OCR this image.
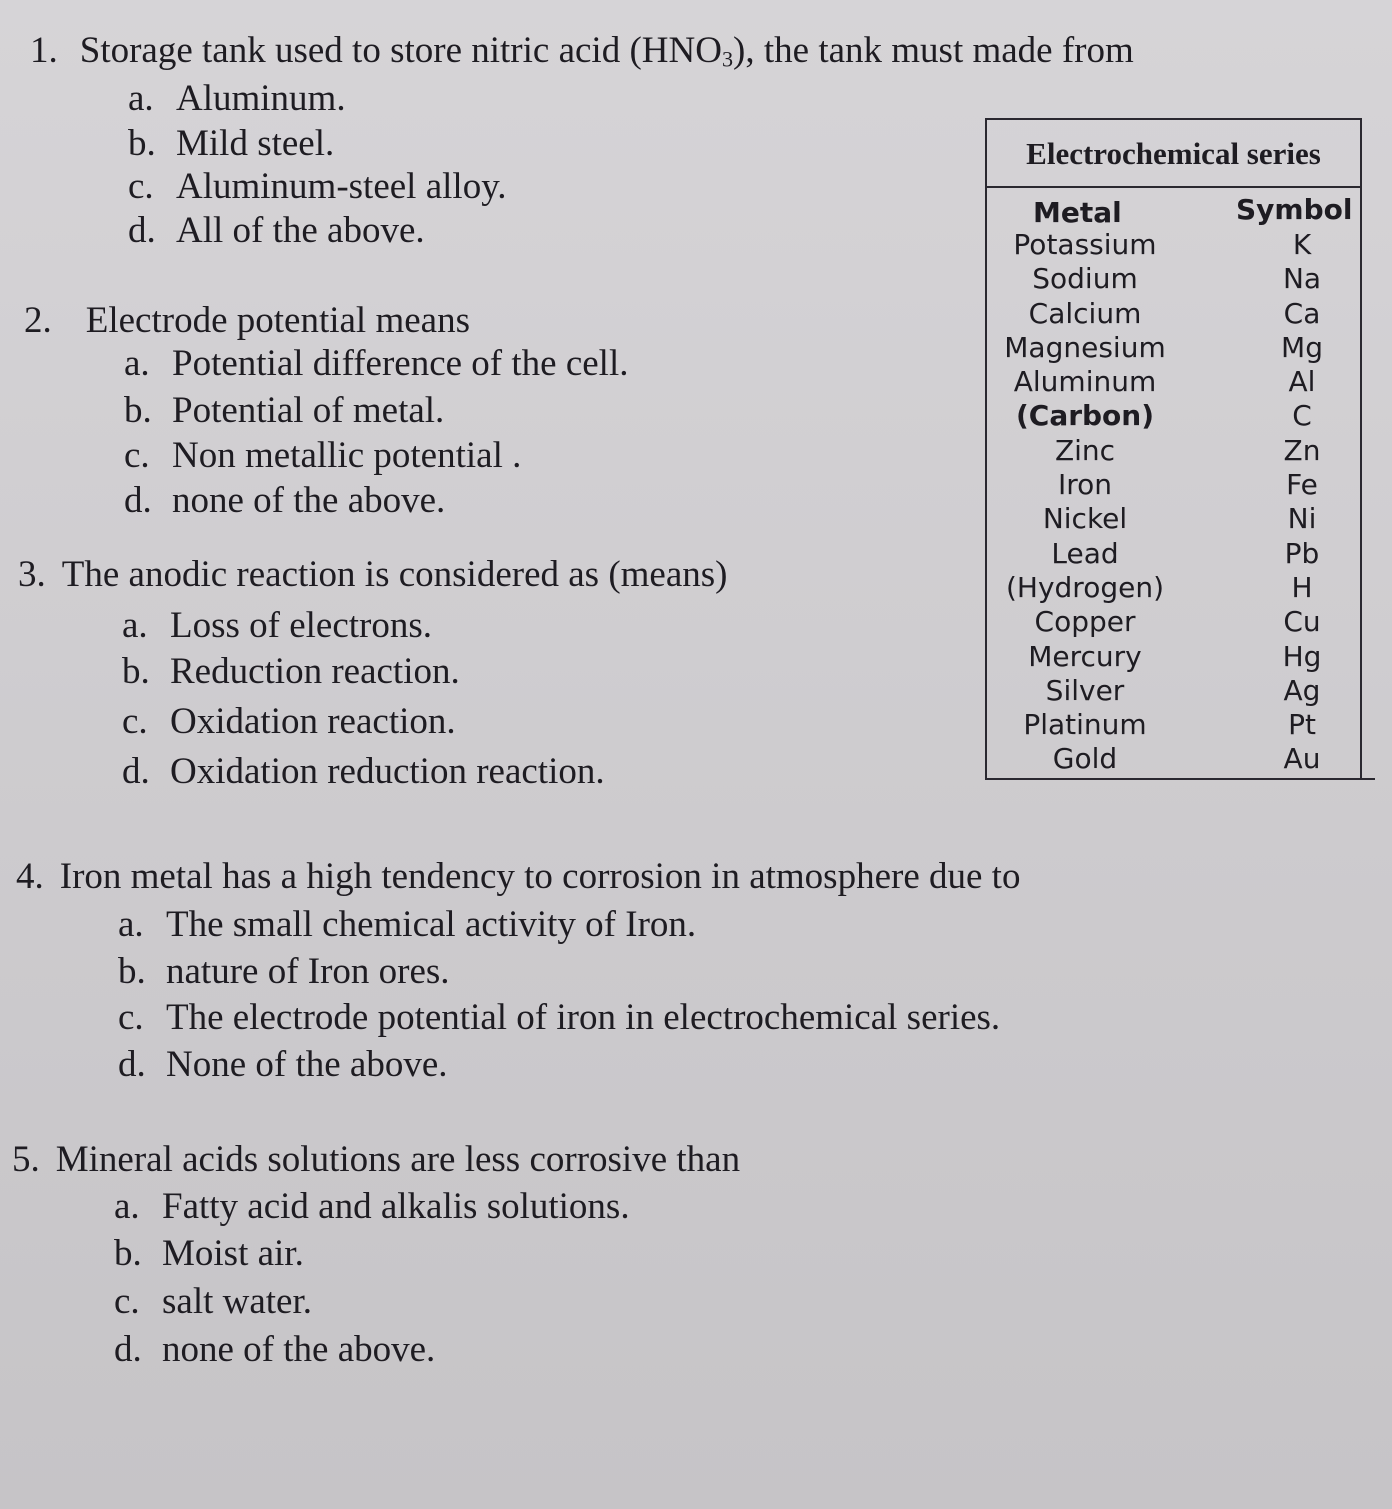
1. Storage tank used to store nitric acid $(HNO_3)$, the tank must made from
a. Aluminum.
b. Mild steel.
c. Aluminum-steel alloy.
d. All of the above.
2. Electrode potential means
a. Potential difference of the cell.
b. Potential of metal.
c. Non metallic potential .
d. none of the above.
3. The anodic reaction is considered as (means)
a. Loss of electrons.
b. Reduction reaction.
c. Oxidation reaction.
d. Oxidation reduction reaction.
Electrochemical series
Metal	Symbol
Potassium
Sodium
Calcium
Magnesium
Aluminum
(Carbon)
Zinc
Iron
Nickel
Lead
(Hydrogen)
Copper
Mercury
Silver
Platinum
Gold
K
Na
Ca
Mg
Al
C
Zn
Fe
Ni
Pb
H
Cu
Hg
Ag
Pt
Au
4. Iron metal has a high tendency to corrosion in atmosphere due to
a. The small chemical activity of Iron.
b. nature of Iron ores.
c. The electrode potential of iron in electrochemical series.
d. None of the above.
5. Mineral acids solutions are less corrosive than
a. Fatty acid and alkalis solutions.
b. Moist air.
c. salt water.
d. none of the above.
